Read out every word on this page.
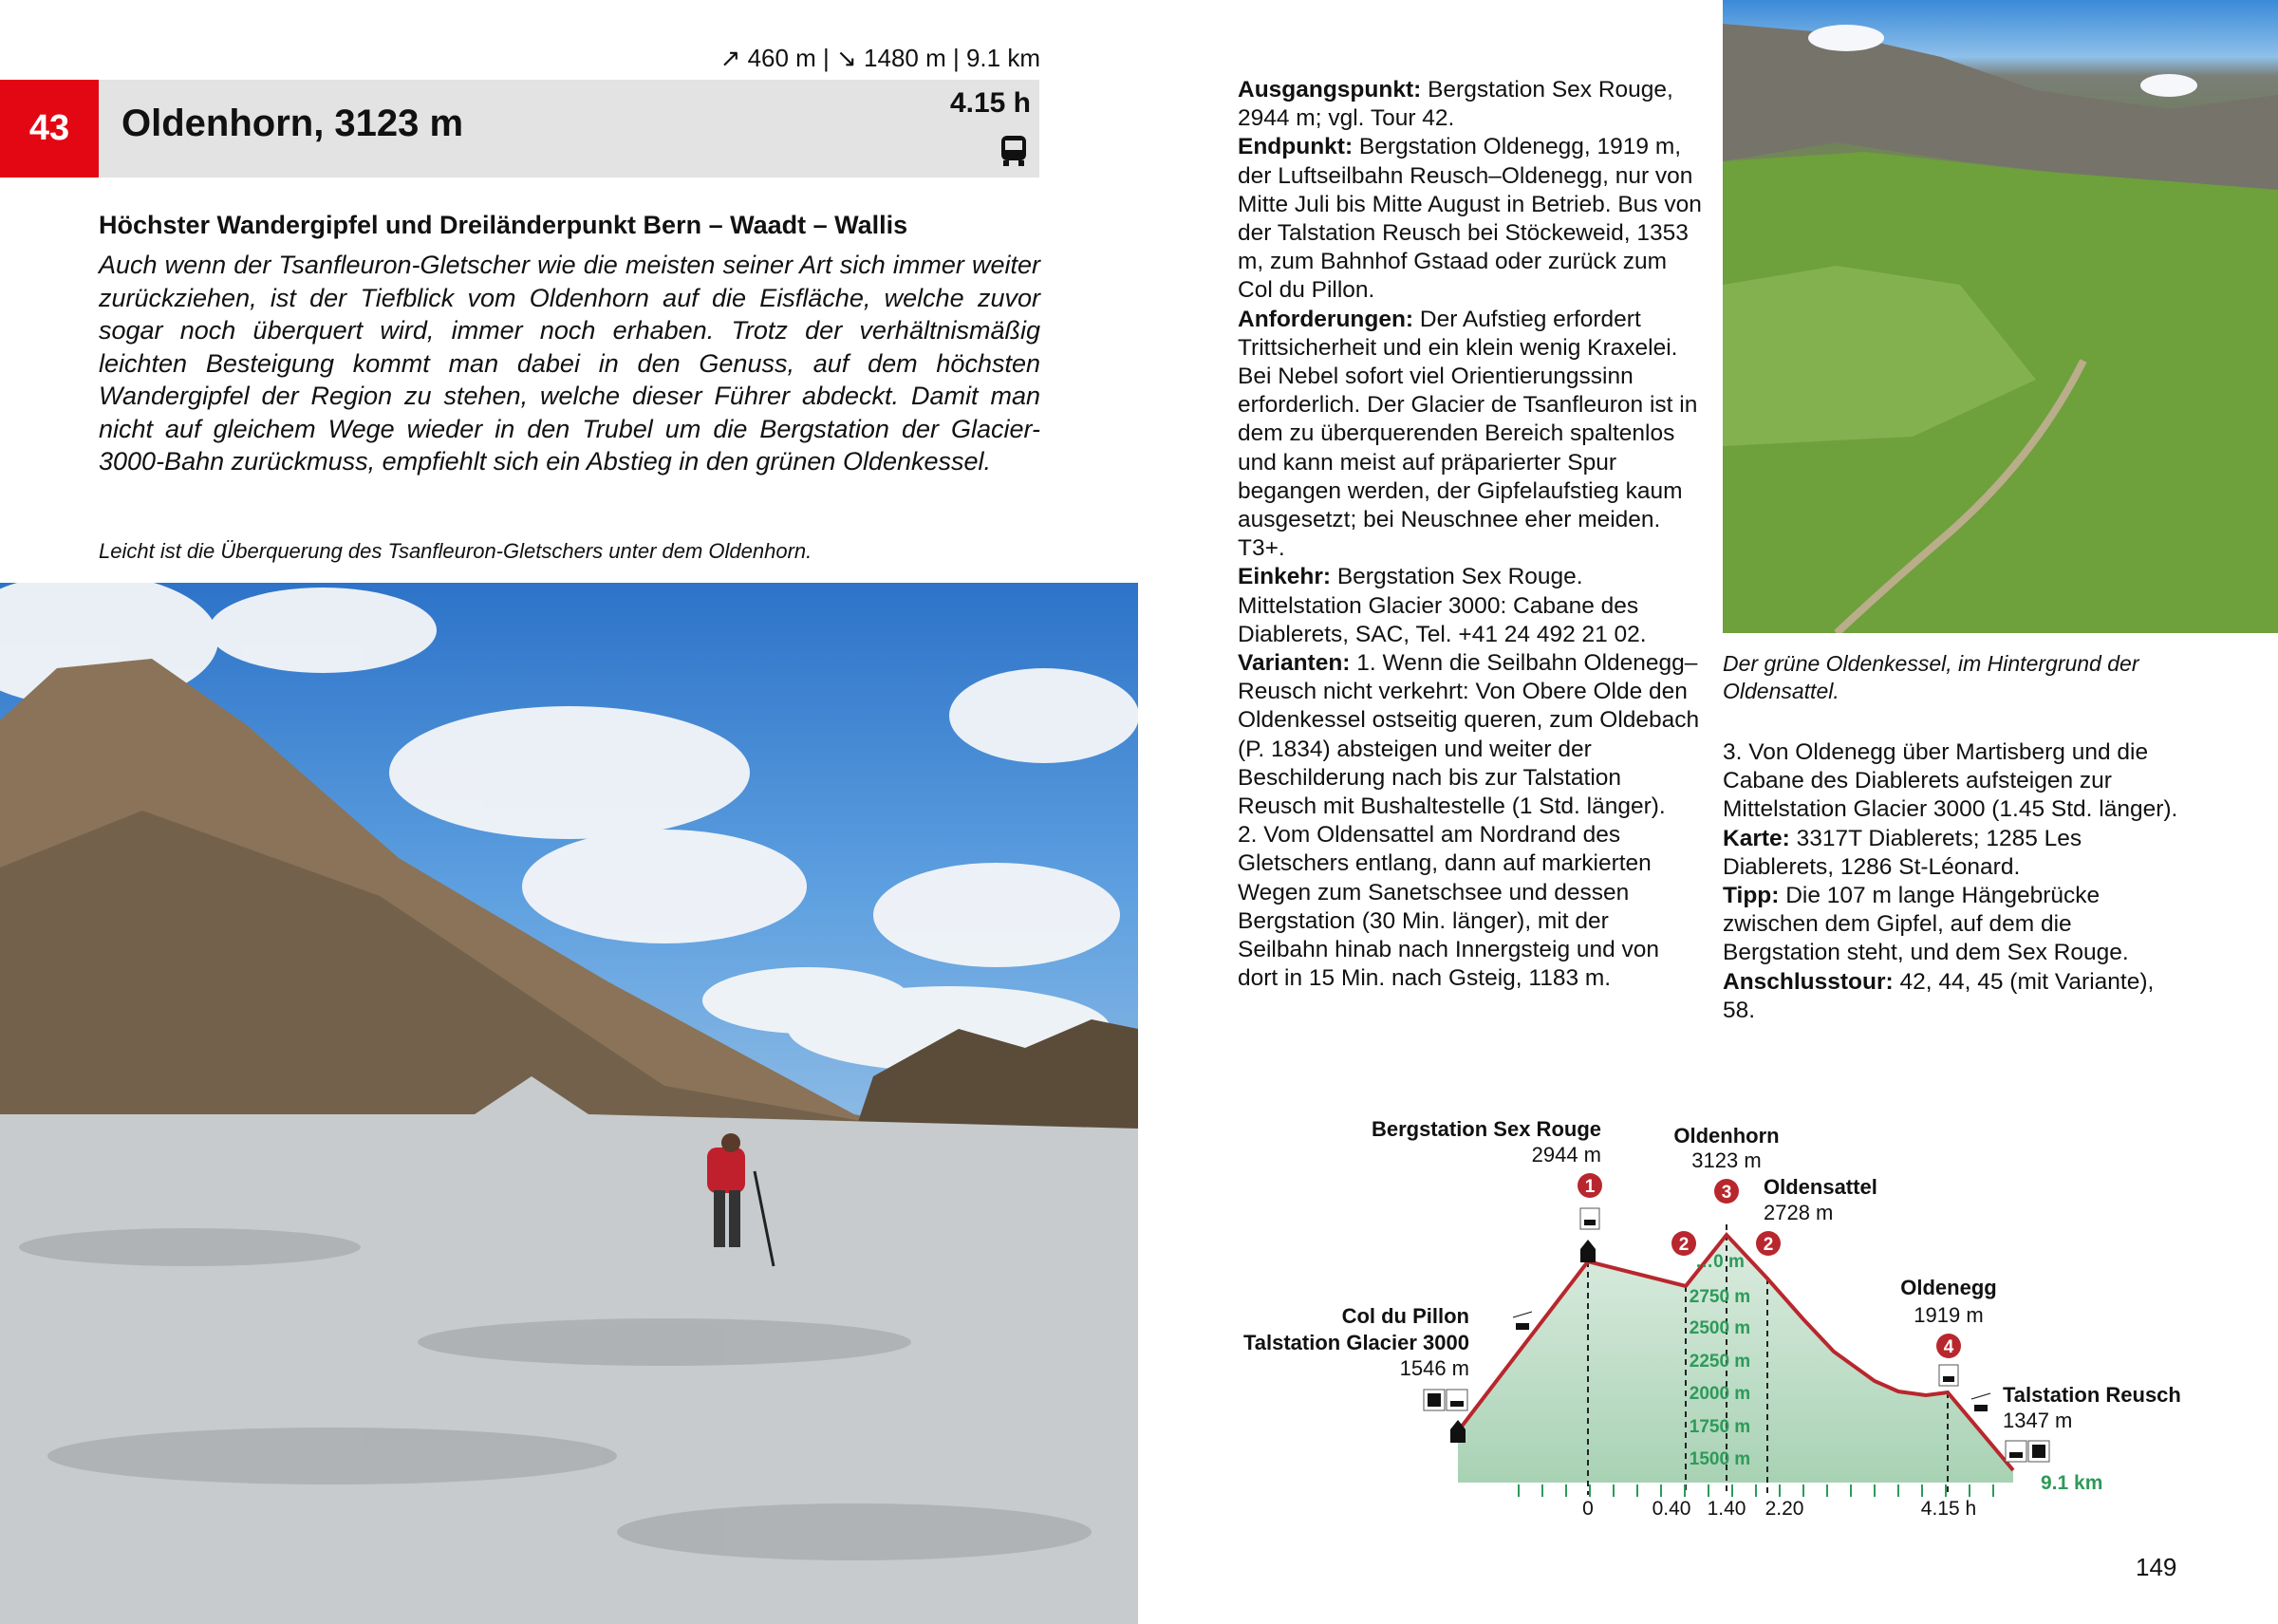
↗ 460 m | ↘ 1480 m | 9.1 km
43	Oldenhorn, 3123 m	4.15 h
Höchster Wandergipfel und Dreiländerpunkt Bern – Waadt – Wallis
Auch wenn der Tsanfleuron-Gletscher wie die meisten seiner Art sich immer weiter zurückziehen, ist der Tiefblick vom Oldenhorn auf die Eisfläche, welche zuvor sogar noch überquert wird, immer noch erhaben. Trotz der verhältnismäßig leichten Besteigung kommt man dabei in den Genuss, auf dem höchsten Wandergipfel der Region zu stehen, welche dieser Führer abdeckt. Damit man nicht auf gleichem Wege wieder in den Trubel um die Bergstation der Glacier-3000-Bahn zurückmuss, empfiehlt sich ein Abstieg in den grünen Oldenkessel.
Leicht ist die Überquerung des Tsanfleuron-Gletschers unter dem Oldenhorn.
Der grüne Oldenkessel, im Hintergrund der Oldensattel.
Ausgangspunkt: Bergstation Sex Rouge, 2944 m; vgl. Tour 42.
Endpunkt: Bergstation Oldenegg, 1919 m, der Luftseilbahn Reusch–Oldenegg, nur von Mitte Juli bis Mitte August in Betrieb. Bus von der Talstation Reusch bei Stöckeweid, 1353 m, zum Bahnhof Gstaad oder zurück zum Col du Pillon.
Anforderungen: Der Aufstieg erfordert Trittsicherheit und ein klein wenig Kraxelei. Bei Nebel sofort viel Orientierungssinn erforderlich. Der Glacier de Tsanfleuron ist in dem zu überquerenden Bereich spaltenlos und kann meist auf präparierter Spur begangen werden, der Gipfelaufstieg kaum ausgesetzt; bei Neuschnee eher meiden. T3+.
Einkehr: Bergstation Sex Rouge. Mittelstation Glacier 3000: Cabane des Diablerets, SAC, Tel. +41 24 492 21 02.
Varianten: 1. Wenn die Seilbahn Oldenegg–Reusch nicht verkehrt: Von Obere Olde den Oldenkessel ostseitig queren, zum Oldebach (P. 1834) absteigen und weiter der Beschilderung nach bis zur Talstation Reusch mit Bushaltestelle (1 Std. länger).
2. Vom Oldensattel am Nordrand des Gletschers entlang, dann auf markierten Wegen zum Sanetschsee und dessen Bergstation (30 Min. länger), mit der Seilbahn hinab nach Innergsteig und von dort in 15 Min. nach Gsteig, 1183 m.
3. Von Oldenegg über Martisberg und die Cabane des Diablerets aufsteigen zur Mittelstation Glacier 3000 (1.45 Std. länger).
Karte: 3317T Diablerets; 1285 Les Diablerets, 1286 St-Léonard.
Tipp: Die 107 m lange Hängebrücke zwischen dem Gipfel, auf dem die Bergstation steht, und dem Sex Rouge.
Anschlusstour: 42, 44, 45 (mit Variante), 58.
…0 m
2750 m
2500 m
2250 m
2000 m
1750 m
1500 m
9.1 km
0	0.40 1.40 2.20	4.15 h
Bergstation Sex Rouge
2944 m
Oldenhorn
3123 m
Oldensattel
2728 m
Col du Pillon
Talstation Glacier 3000
1546 m
Oldenegg
1919 m
Talstation Reusch
1347 m
1	3
2	2
4
149
